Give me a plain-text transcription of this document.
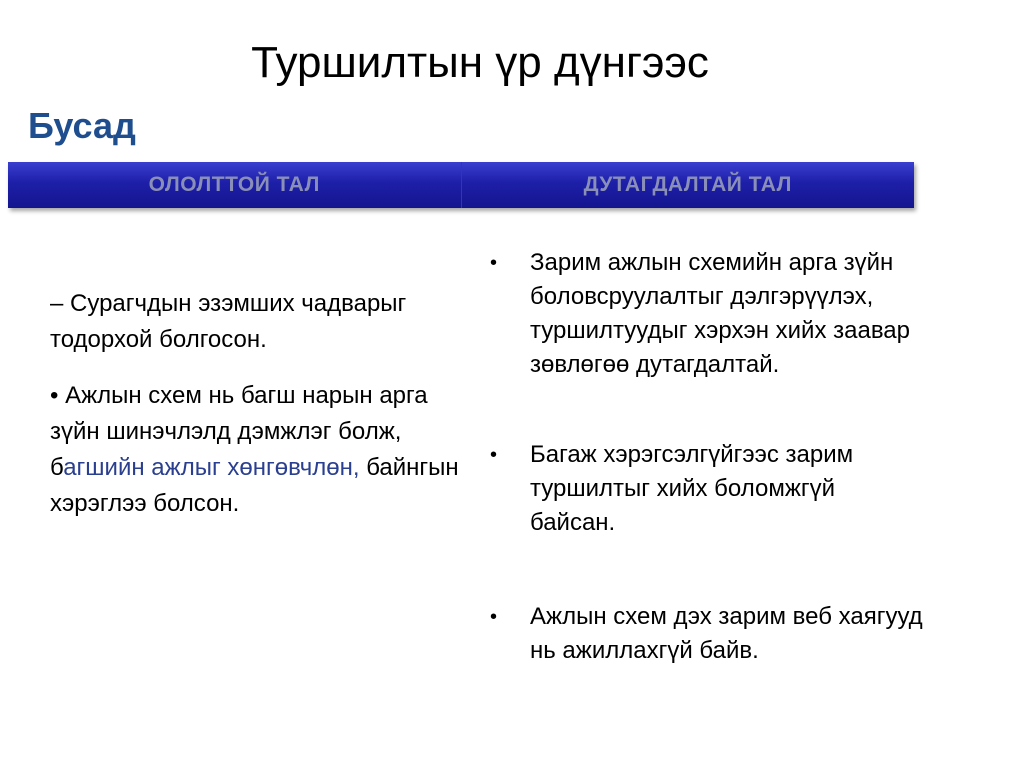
Туршилтын үр дүнгээс
Бусад
ОЛОЛТТОЙ ТАЛ	ДУТАГДАЛТАЙ ТАЛ

– Сурагчдын эзэмших чадварыг тодорхой болгосон.

• Ажлын схем нь багш нарын арга зүйн шинэчлэлд дэмжлэг болж, багшийн ажлыг хөнгөвчлөн, байнгын хэрэглээ болсон.

• Зарим ажлын схемийн арга зүйн боловсруулалтыг дэлгэрүүлэх, туршилтуудыг хэрхэн хийх заавар зөвлөгөө дутагдалтай.
• Багаж хэрэгсэлгүйгээс зарим туршилтыг хийх боломжгүй байсан.
• Ажлын схем дэх зарим веб хаягууд нь ажиллахгүй байв.
